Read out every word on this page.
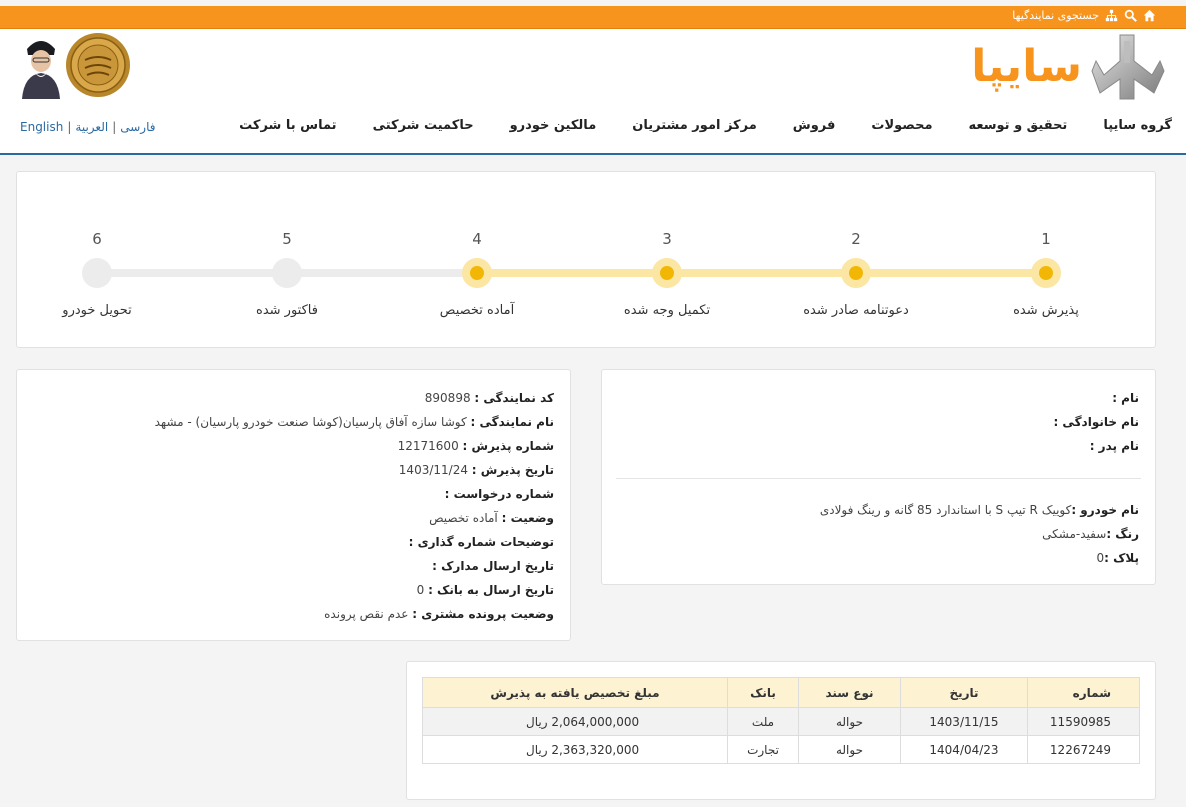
جستجوی نمایندگیها
سایپا
گروه سایپا
تحقیق و توسعه
محصولات
فروش
مرکز امور مشتریان
مالکین خودرو
حاکمیت شرکتی
تماس با شرکت
English | العربية | فارسی
1
2
3
4
5
6
پذیرش شده
دعوتنامه صادر شده
تکمیل وجه شده
آماده تخصیص
فاکتور شده
تحویل خودرو
نام :
نام خانوادگی :
نام پدر :
نام خودرو :کوییک R تیپ S با استاندارد 85 گانه و رینگ فولادی
رنگ :سفید-مشکی
پلاک :0
کد نمایندگی : 890898
نام نمایندگی : کوشا سازه آفاق پارسیان(کوشا صنعت خودرو پارسیان) - مشهد
شماره پذیرش : 12171600
تاریخ پذیرش : 1403/11/24
شماره درخواست :
وضعیت : آماده تخصیص
توضیحات شماره گذاری :
تاریخ ارسال مدارک :
تاریخ ارسال به بانک : 0
وضعیت پرونده مشتری : عدم نقص پرونده
شماره	تاریخ	نوع سند	بانک	مبلغ تخصیص یافته به پذیرش
11590985	1403/11/15	حواله	ملت	2,064,000,000 ریال
12267249	1404/04/23	حواله	تجارت	2,363,320,000 ریال
